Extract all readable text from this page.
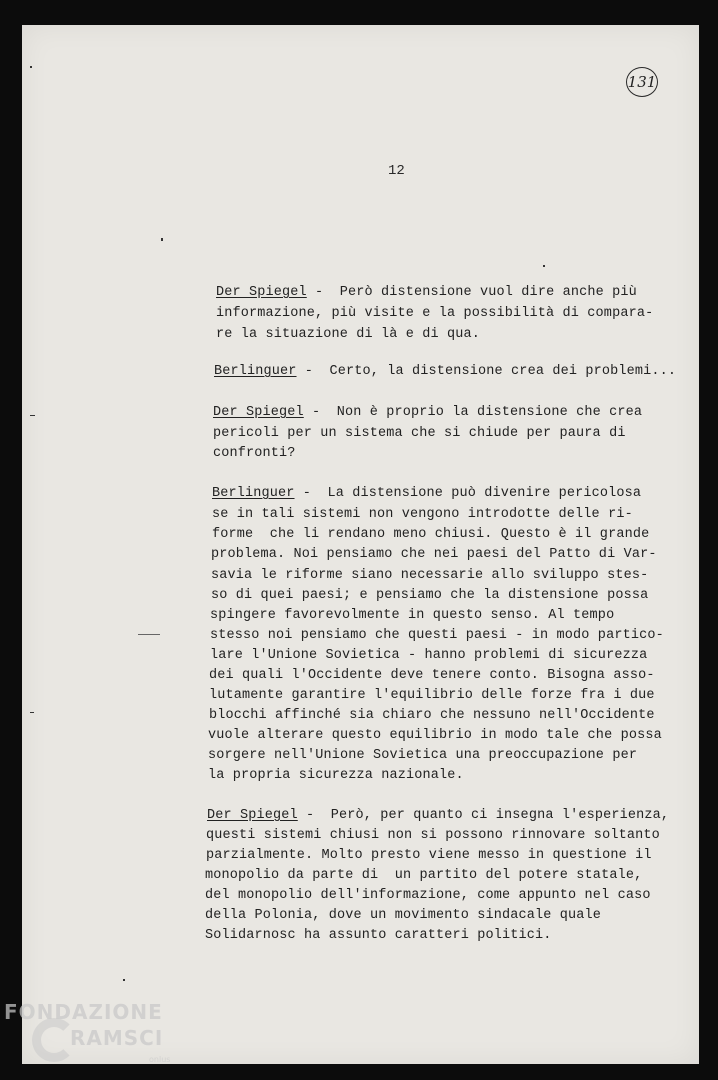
131
12
Der Spiegel -  Però distensione vuol dire anche più
informazione, più visite e la possibilità di compara-
re la situazione di là e di qua.
Berlinguer -  Certo, la distensione crea dei problemi...
Der Spiegel -  Non è proprio la distensione che crea
pericoli per un sistema che si chiude per paura di
confronti?
Berlinguer -  La distensione può divenire pericolosa
se in tali sistemi non vengono introdotte delle ri-
forme  che li rendano meno chiusi. Questo è il grande
problema. Noi pensiamo che nei paesi del Patto di Var-
savia le riforme siano necessarie allo sviluppo stes-
so di quei paesi; e pensiamo che la distensione possa
spingere favorevolmente in questo senso. Al tempo
stesso noi pensiamo che questi paesi - in modo partico-
lare l'Unione Sovietica - hanno problemi di sicurezza
dei quali l'Occidente deve tenere conto. Bisogna asso-
lutamente garantire l'equilibrio delle forze fra i due
blocchi affinché sia chiaro che nessuno nell'Occidente
vuole alterare questo equilibrio in modo tale che possa
sorgere nell'Unione Sovietica una preoccupazione per
la propria sicurezza nazionale.
Der Spiegel -  Però, per quanto ci insegna l'esperienza,
questi sistemi chiusi non si possono rinnovare soltanto
parzialmente. Molto presto viene messo in questione il
monopolio da parte di  un partito del potere statale,
del monopolio dell'informazione, come appunto nel caso
della Polonia, dove un movimento sindacale quale
Solidarnosc ha assunto caratteri politici.
FONDAZIONE
RAMSCI
onlus
